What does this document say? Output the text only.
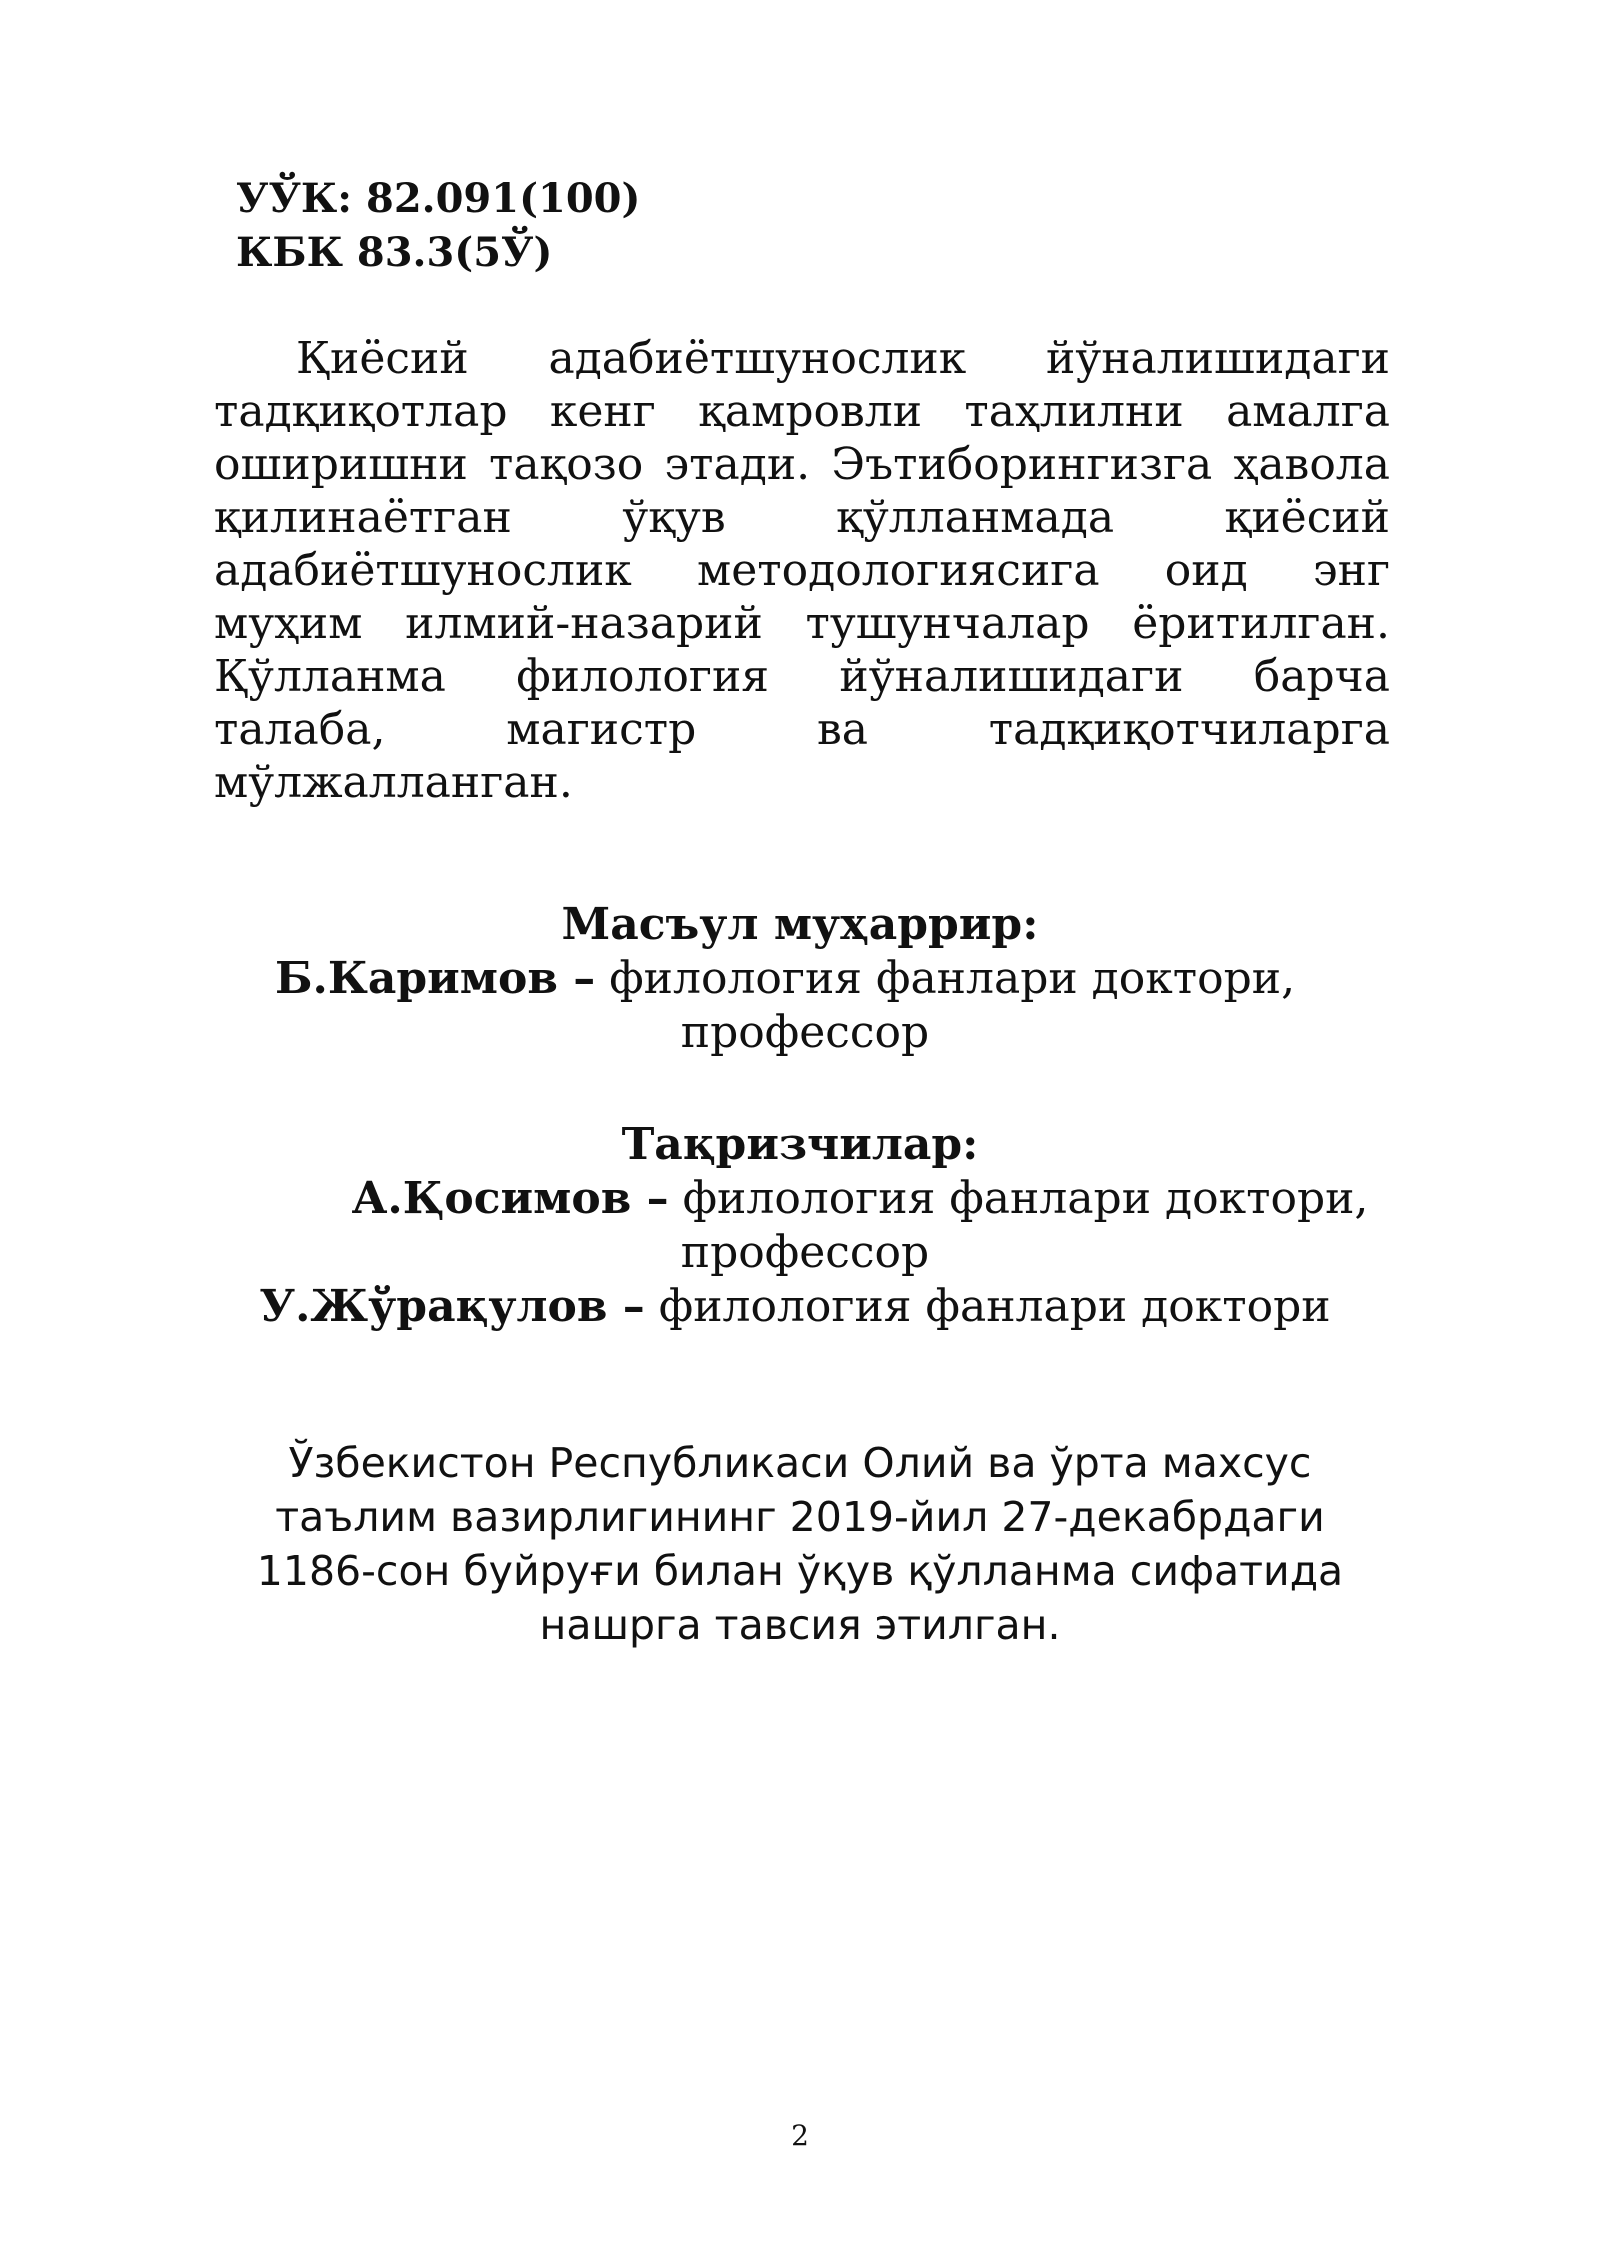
УЎК: 82.091(100)
КБК 83.3(5Ў)

Қиёсий адабиётшунослик йўналишидаги тадқиқотлар кенг қамровли таҳлилни амалга оширишни тақозо этади. Эътиборингизга ҳавола қилинаётган ўқув қўлланмада қиёсий адабиётшунослик методологиясига оид энг муҳим илмий-назарий тушунчалар ёритилган. Қўлланма филология йўналишидаги барча талаба, магистр ва тадқиқотчиларга мўлжалланган.

Масъул муҳаррир:
Б.Каримов – филология фанлари доктори,
профессор
Тақризчилар:
А.Қосимов – филология фанлари доктори,
профессор
У.Жўрақулов – филология фанлари доктори
Ўзбекистон Республикаси Олий ва ўрта махсус
таълим вазирлигининг 2019-йил 27-декабрдаги
1186-сон буйруғи билан ўқув қўлланма сифатида
нашрга тавсия этилган.
2
